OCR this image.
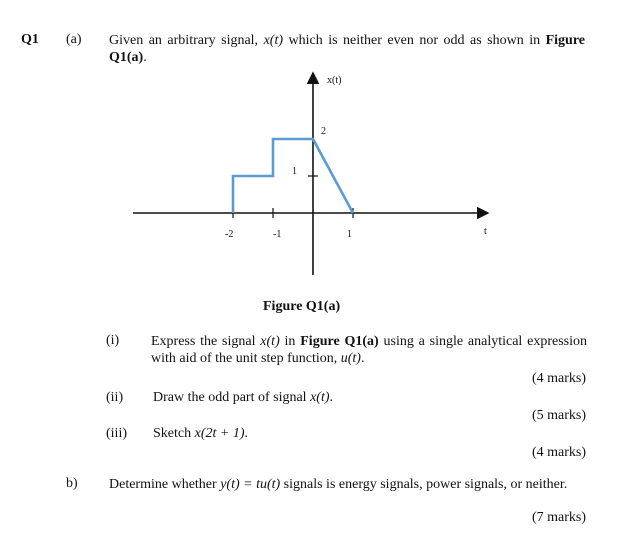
Q1 (a) Given an arbitrary signal, x(t) which is neither even nor odd as shown in Figure Q1(a).
x(t)
t
-2	-1	1
1
2
Figure Q1(a)
(i) Express the signal x(t) in Figure Q1(a) using a single analytical expression with aid of the unit step function, u(t).
(4 marks)
(ii) Draw the odd part of signal x(t).
(5 marks)
(iii) Sketch x(2t + 1).
(4 marks)
b) Determine whether y(t) = tu(t) signals is energy signals, power signals, or neither.
(7 marks)
